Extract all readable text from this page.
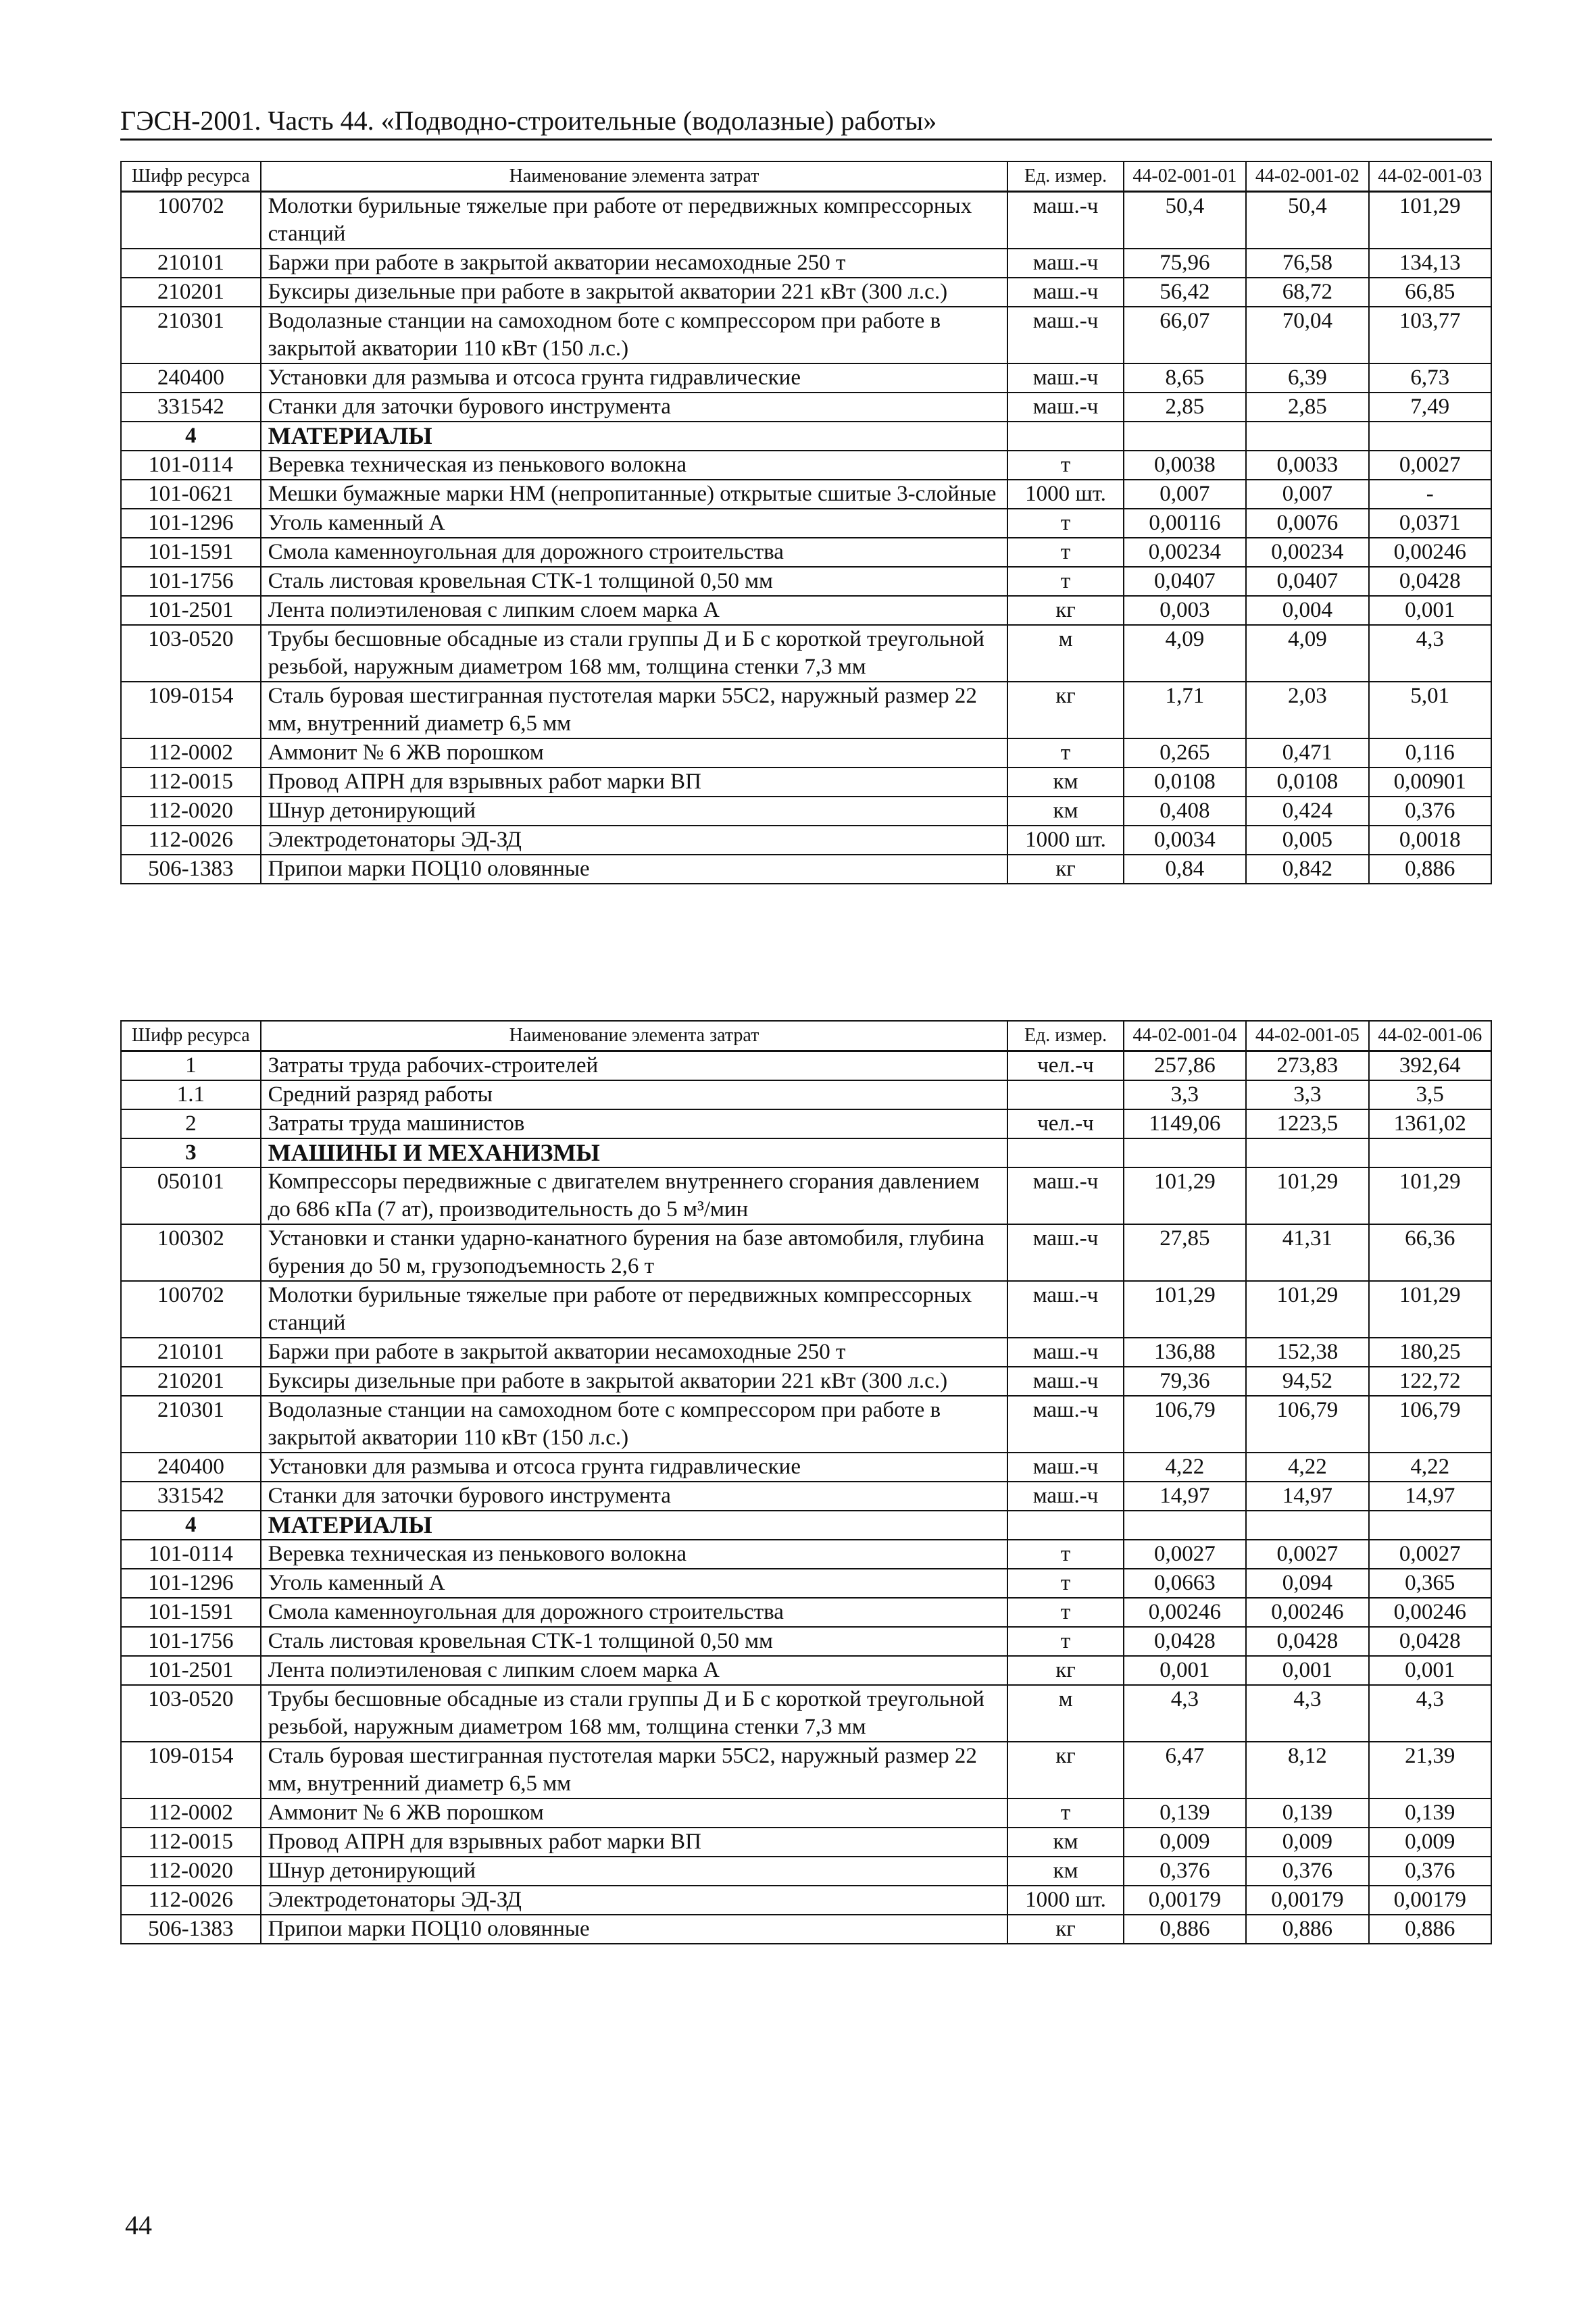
ГЭСН-2001. Часть 44. «Подводно-строительные (водолазные) работы»
Шифр ресурса	Наименование элемента затрат	Ед. измер.	44-02-001-01	44-02-001-02	44-02-001-03
100702	Молотки бурильные тяжелые при работе от передвижных компрессорных станций	маш.-ч	50,4	50,4	101,29
210101	Баржи при работе в закрытой акватории несамоходные 250 т	маш.-ч	75,96	76,58	134,13
210201	Буксиры дизельные при работе в закрытой акватории 221 кВт (300 л.с.)	маш.-ч	56,42	68,72	66,85
210301	Водолазные станции на самоходном боте с компрессором при работе в закрытой акватории 110 кВт (150 л.с.)	маш.-ч	66,07	70,04	103,77
240400	Установки для размыва и отсоса грунта гидравлические	маш.-ч	8,65	6,39	6,73
331542	Станки для заточки бурового инструмента	маш.-ч	2,85	2,85	7,49
4	МАТЕРИАЛЫ				
101-0114	Веревка техническая из пенькового волокна	т	0,0038	0,0033	0,0027
101-0621	Мешки бумажные марки НМ (непропитанные) открытые сшитые 3-слойные	1000 шт.	0,007	0,007	-
101-1296	Уголь каменный А	т	0,00116	0,0076	0,0371
101-1591	Смола каменноугольная для дорожного строительства	т	0,00234	0,00234	0,00246
101-1756	Сталь листовая кровельная СТК-1 толщиной 0,50 мм	т	0,0407	0,0407	0,0428
101-2501	Лента полиэтиленовая с липким слоем марка А	кг	0,003	0,004	0,001
103-0520	Трубы бесшовные обсадные из стали группы Д и Б с короткой треугольной резьбой, наружным диаметром 168 мм, толщина стенки 7,3 мм	м	4,09	4,09	4,3
109-0154	Сталь буровая шестигранная пустотелая марки 55С2, наружный размер 22 мм, внутренний диаметр 6,5 мм	кг	1,71	2,03	5,01
112-0002	Аммонит № 6 ЖВ порошком	т	0,265	0,471	0,116
112-0015	Провод АПРН для взрывных работ марки ВП	км	0,0108	0,0108	0,00901
112-0020	Шнур детонирующий	км	0,408	0,424	0,376
112-0026	Электродетонаторы ЭД-ЗД	1000 шт.	0,0034	0,005	0,0018
506-1383	Припои марки ПОЦ10 оловянные	кг	0,84	0,842	0,886
Шифр ресурса	Наименование элемента затрат	Ед. измер.	44-02-001-04	44-02-001-05	44-02-001-06
1	Затраты труда рабочих-строителей	чел.-ч	257,86	273,83	392,64
1.1	Средний разряд работы		3,3	3,3	3,5
2	Затраты труда машинистов	чел.-ч	1149,06	1223,5	1361,02
3	МАШИНЫ И МЕХАНИЗМЫ				
050101	Компрессоры передвижные с двигателем внутреннего сгорания давлением до 686 кПа (7 ат), производительность до 5 м³/мин	маш.-ч	101,29	101,29	101,29
100302	Установки и станки ударно-канатного бурения на базе автомобиля, глубина бурения до 50 м, грузоподъемность 2,6 т	маш.-ч	27,85	41,31	66,36
100702	Молотки бурильные тяжелые при работе от передвижных компрессорных станций	маш.-ч	101,29	101,29	101,29
210101	Баржи при работе в закрытой акватории несамоходные 250 т	маш.-ч	136,88	152,38	180,25
210201	Буксиры дизельные при работе в закрытой акватории 221 кВт (300 л.с.)	маш.-ч	79,36	94,52	122,72
210301	Водолазные станции на самоходном боте с компрессором при работе в закрытой акватории 110 кВт (150 л.с.)	маш.-ч	106,79	106,79	106,79
240400	Установки для размыва и отсоса грунта гидравлические	маш.-ч	4,22	4,22	4,22
331542	Станки для заточки бурового инструмента	маш.-ч	14,97	14,97	14,97
4	МАТЕРИАЛЫ				
101-0114	Веревка техническая из пенькового волокна	т	0,0027	0,0027	0,0027
101-1296	Уголь каменный А	т	0,0663	0,094	0,365
101-1591	Смола каменноугольная для дорожного строительства	т	0,00246	0,00246	0,00246
101-1756	Сталь листовая кровельная СТК-1 толщиной 0,50 мм	т	0,0428	0,0428	0,0428
101-2501	Лента полиэтиленовая с липким слоем марка А	кг	0,001	0,001	0,001
103-0520	Трубы бесшовные обсадные из стали группы Д и Б с короткой треугольной резьбой, наружным диаметром 168 мм, толщина стенки 7,3 мм	м	4,3	4,3	4,3
109-0154	Сталь буровая шестигранная пустотелая марки 55С2, наружный размер 22 мм, внутренний диаметр 6,5 мм	кг	6,47	8,12	21,39
112-0002	Аммонит № 6 ЖВ порошком	т	0,139	0,139	0,139
112-0015	Провод АПРН для взрывных работ марки ВП	км	0,009	0,009	0,009
112-0020	Шнур детонирующий	км	0,376	0,376	0,376
112-0026	Электродетонаторы ЭД-ЗД	1000 шт.	0,00179	0,00179	0,00179
506-1383	Припои марки ПОЦ10 оловянные	кг	0,886	0,886	0,886
44
